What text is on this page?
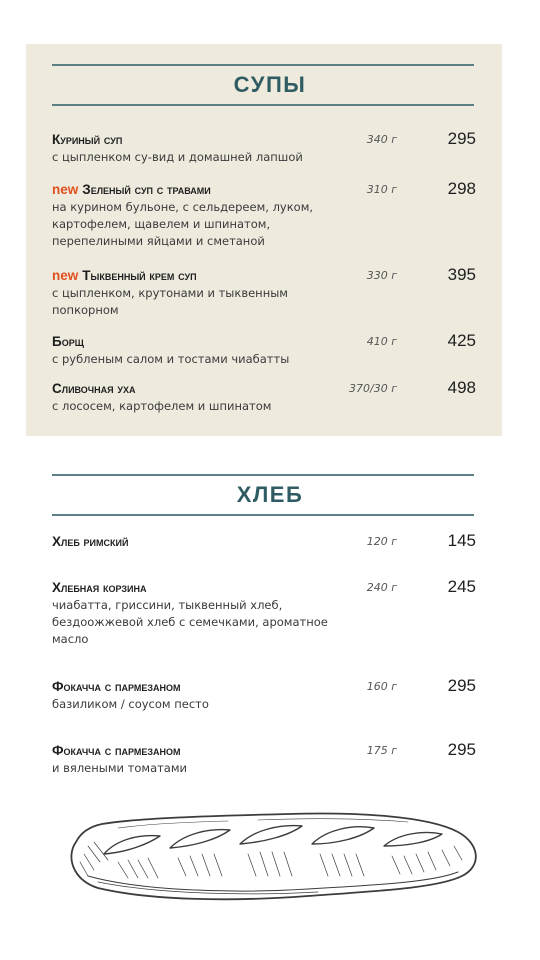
СУПЫ
Куриный суп
с цыпленком су-вид и домашней лапшой
340 г	295
new Зеленый суп с травами
на курином бульоне, с сельдереем, луком, картофелем, щавелем и шпинатом, перепелиными яйцами и сметаной
310 г	298
new Тыквенный крем суп
с цыпленком, крутонами и тыквенным попкорном
330 г	395
Борщ
с рубленым салом и тостами чиабатты
410 г	425
Сливочная уха
с лососем, картофелем и шпинатом
370/30 г	498
ХЛЕБ
Хлеб римский	120 г	145
Хлебная корзина
чиабатта, гриссини, тыквенный хлеб, бездоожжевой хлеб с семечками, ароматное масло
240 г	245
Фокачча с пармезаном
базиликом / соусом песто
160 г	295
Фокачча с пармезаном
и вялеными томатами
175 г	295
